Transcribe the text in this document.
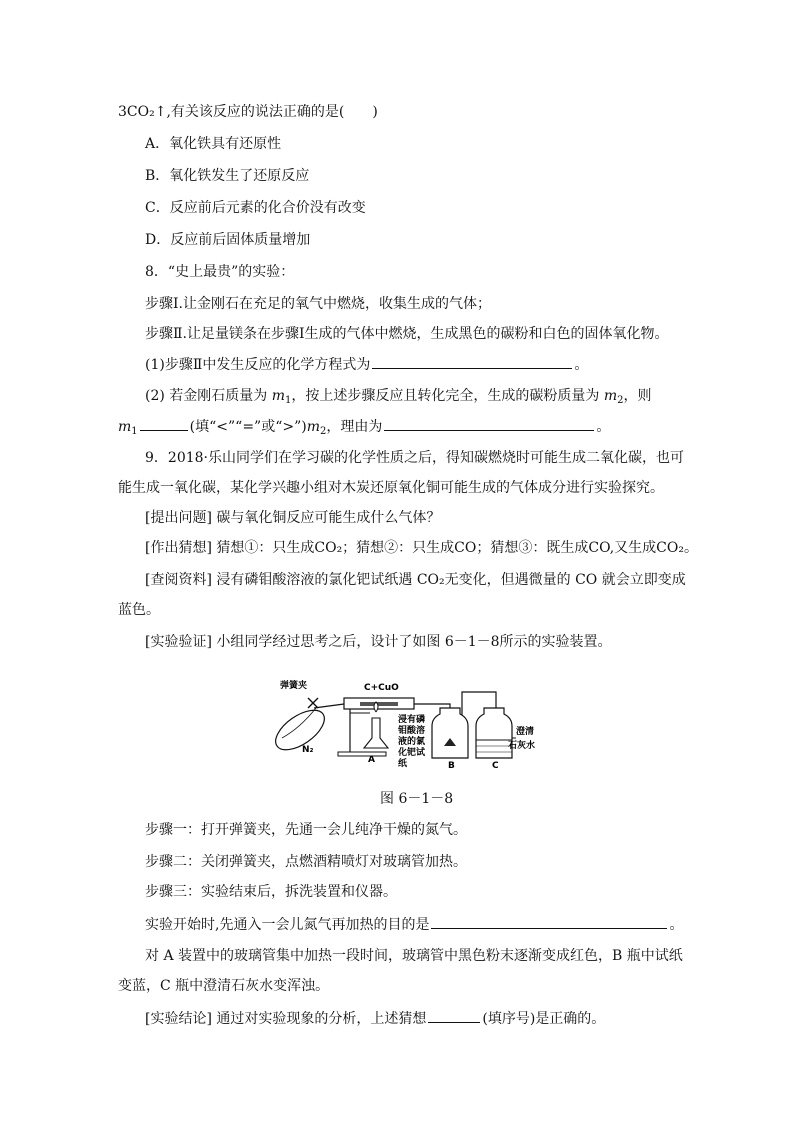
3CO₂↑,有关该反应的说法正确的是(　　)
A．氧化铁具有还原性
B．氧化铁发生了还原反应
C．反应前后元素的化合价没有改变
D．反应前后固体质量增加
8．“史上最贵”的实验：
步骤Ⅰ.让金刚石在充足的氧气中燃烧，收集生成的气体；
步骤Ⅱ.让足量镁条在步骤Ⅰ生成的气体中燃烧，生成黑色的碳粉和白色的固体氧化物。
(1)步骤Ⅱ中发生反应的化学方程式为	。
(2) 若金刚石质量为 $m_1$，按上述步骤反应且转化完全，生成的碳粉质量为 $m_2$，则
$m_1$	(填“<”“=”或“$>”)m_2$，理由为	。
9．2018·乐山同学们在学习碳的化学性质之后，得知碳燃烧时可能生成二氧化碳，也可
能生成一氧化碳，某化学兴趣小组对木炭还原氧化铜可能生成的气体成分进行实验探究。
[提出问题] 碳与氧化铜反应可能生成什么气体？
[作出猜想] 猜想①：只生成CO₂；猜想②：只生成CO；猜想③：既生成CO,又生成CO₂。
[查阅资料] 浸有磷钼酸溶液的氯化钯试纸遇 CO₂无变化，但遇微量的 CO 就会立即变成
蓝色。
[实验验证] 小组同学经过思考之后，设计了如图 6－1－8所示的实验装置。
弹簧夹	C+CuO
N₂
浸有磷
钼酸溶
液的氯
化钯试
纸
澄清
石灰水
A
B	C
图 6－1－8
步骤一：打开弹簧夹，先通一会儿纯净干燥的氮气。
步骤二：关闭弹簧夹，点燃酒精喷灯对玻璃管加热。
步骤三：实验结束后，拆洗装置和仪器。
实验开始时,先通入一会儿氮气再加热的目的是	。
对 A 装置中的玻璃管集中加热一段时间，玻璃管中黑色粉末逐渐变成红色，B 瓶中试纸
变蓝，C 瓶中澄清石灰水变浑浊。
[实验结论] 通过对实验现象的分析，上述猜想	(填序号)是正确的。
